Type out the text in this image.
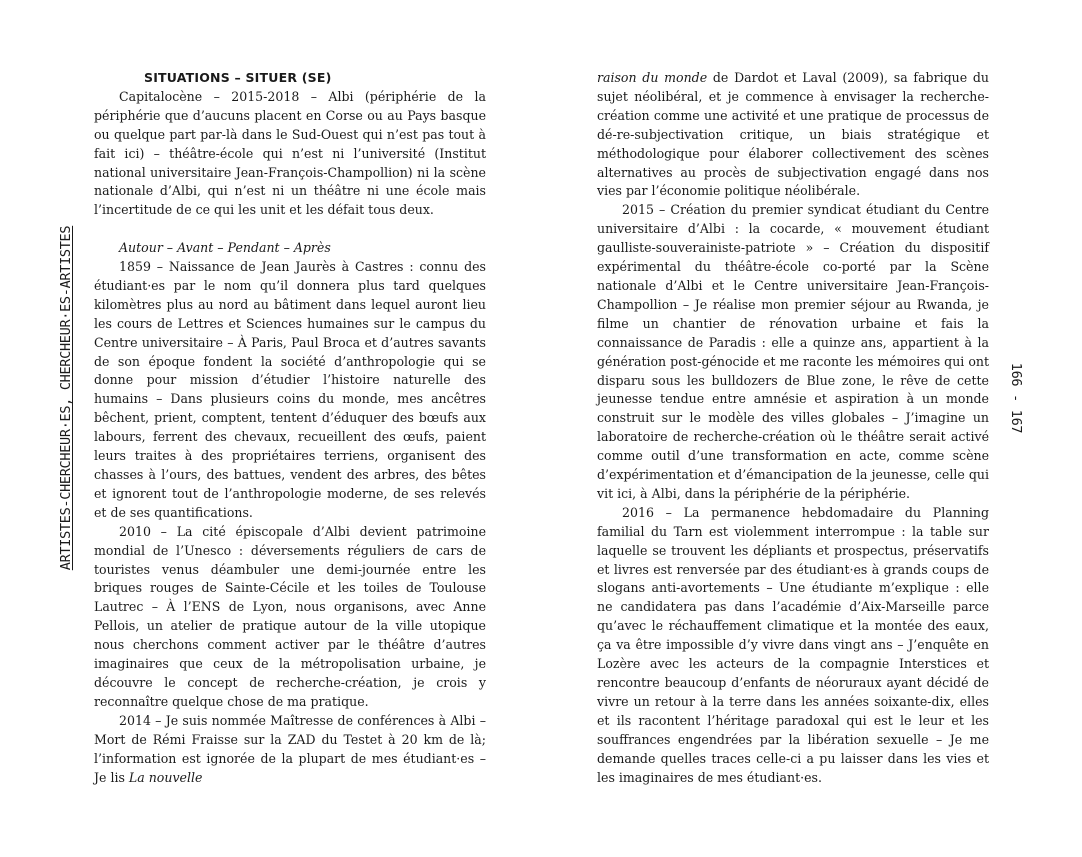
ARTISTES-CHERCHEUR·ES, CHERCHEUR·ES-ARTISTES	166 - 167

SITUATIONS – SITUER (SE)

Capitalocène – 2015-2018 – Albi (périphérie de la périphérie que d’aucuns placent en Corse ou au Pays basque ou quelque part par-là dans le Sud-Ouest qui n’est pas tout à fait ici) – théâtre-école qui n’est ni l’université (Institut national universitaire Jean-François-Champollion) ni la scène nationale d’Albi, qui n’est ni un théâtre ni une école mais l’incertitude de ce qui les unit et les défait tous deux.

Autour – Avant – Pendant – Après

1859 – Naissance de Jean Jaurès à Castres : connu des étudiant·es par le nom qu’il donnera plus tard quelques kilomètres plus au nord au bâtiment dans lequel auront lieu les cours de Lettres et Sciences humaines sur le campus du Centre universitaire – À Paris, Paul Broca et d’autres savants de son époque fondent la société d’anthropologie qui se donne pour mission d’étudier l’histoire naturelle des humains – Dans plusieurs coins du monde, mes ancêtres bêchent, prient, comptent, tentent d’éduquer des bœufs aux labours, ferrent des chevaux, recueillent des œufs, paient leurs traites à des propriétaires terriens, organisent des chasses à l’ours, des battues, vendent des arbres, des bêtes et ignorent tout de l’anthropologie moderne, de ses relevés et de ses quantifications.

2010 – La cité épiscopale d’Albi devient patrimoine mondial de l’Unesco : déversements réguliers de cars de touristes venus déambuler une demi-journée entre les briques rouges de Sainte-Cécile et les toiles de Toulouse Lautrec – À l’ENS de Lyon, nous organisons, avec Anne Pellois, un atelier de pratique autour de la ville utopique nous cherchons comment activer par le théâtre d’autres imaginaires que ceux de la métropolisation urbaine, je découvre le concept de recherche-création, je crois y reconnaître quelque chose de ma pratique.

2014 – Je suis nommée Maîtresse de conférences à Albi – Mort de Rémi Fraisse sur la ZAD du Testet à 20 km de là; l’information est ignorée de la plupart de mes étudiant·es – Je lis La nouvelle

raison du monde de Dardot et Laval (2009), sa fabrique du sujet néolibéral, et je commence à envisager la recherche-création comme une activité et une pratique de processus de dé-re-subjectivation critique, un biais stratégique et méthodologique pour élaborer collectivement des scènes alternatives au procès de subjectivation engagé dans nos vies par l’économie politique néolibérale.

2015 – Création du premier syndicat étudiant du Centre universitaire d’Albi : la cocarde, « mouvement étudiant gaulliste-souverainiste-patriote » – Création du dispositif expérimental du théâtre-école co-porté par la Scène nationale d’Albi et le Centre universitaire Jean-François-Champollion – Je réalise mon premier séjour au Rwanda, je filme un chantier de rénovation urbaine et fais la connaissance de Paradis : elle a quinze ans, appartient à la génération post-génocide et me raconte les mémoires qui ont disparu sous les bulldozers de Blue zone, le rêve de cette jeunesse tendue entre amnésie et aspiration à un monde construit sur le modèle des villes globales – J’imagine un laboratoire de recherche-création où le théâtre serait activé comme outil d’une transformation en acte, comme scène d’expérimentation et d’émancipation de la jeunesse, celle qui vit ici, à Albi, dans la périphérie de la périphérie.

2016 – La permanence hebdomadaire du Planning familial du Tarn est violemment interrompue : la table sur laquelle se trouvent les dépliants et prospectus, préservatifs et livres est renversée par des étudiant·es à grands coups de slogans anti-avortements – Une étudiante m’explique : elle ne candidatera pas dans l’académie d’Aix-Marseille parce qu’avec le réchauffement climatique et la montée des eaux, ça va être impossible d’y vivre dans vingt ans – J’enquête en Lozère avec les acteurs de la compagnie Interstices et rencontre beaucoup d’enfants de néoruraux ayant décidé de vivre un retour à la terre dans les années soixante-dix, elles et ils racontent l’héritage paradoxal qui est le leur et les souffrances engendrées par la libération sexuelle – Je me demande quelles traces celle-ci a pu laisser dans les vies et les imaginaires de mes étudiant·es.
